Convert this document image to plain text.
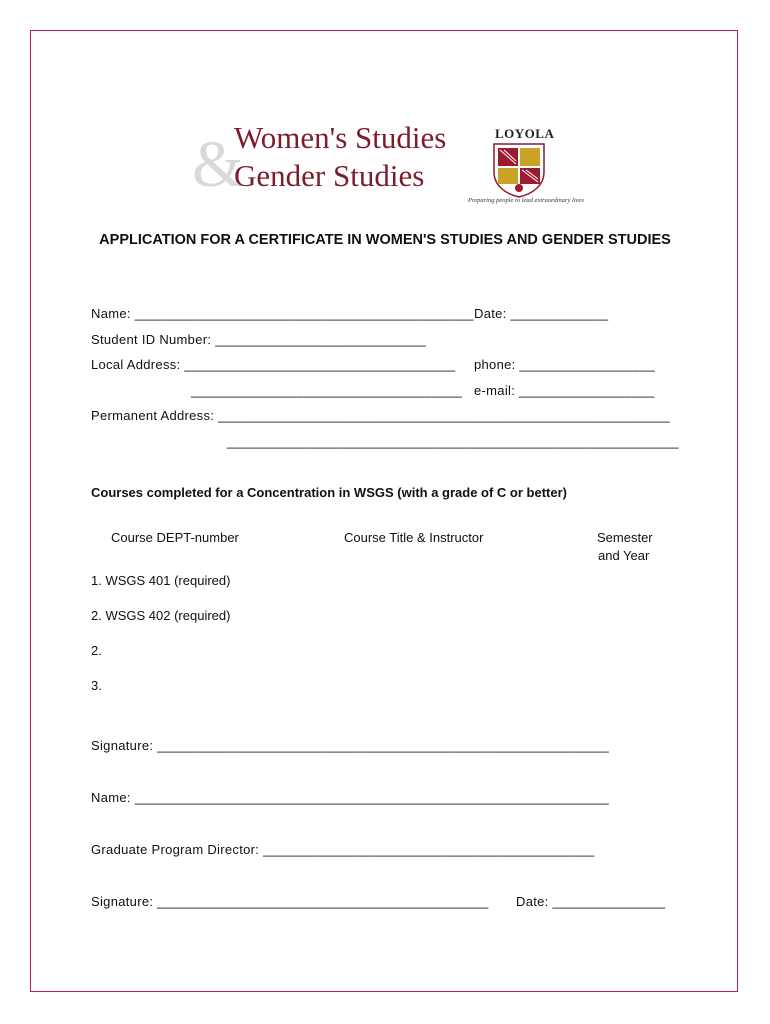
&
Women's Studies
Gender Studies
LOYOLA
Preparing people to lead extraordinary lives
APPLICATION FOR A CERTIFICATE IN WOMEN'S STUDIES AND GENDER STUDIES
Name: _____________________________________________ Date: _____________
Student ID Number: ____________________________
Local Address: ____________________________________ phone: __________________
____________________________________ e-mail: __________________
Permanent Address: ____________________________________________________________
____________________________________________________________
Courses completed for a Concentration in WSGS (with a grade of C or better)
Course DEPT-number	Course Title & Instructor	Semester
and Year
1. WSGS 401 (required)
2. WSGS 402 (required)
2.
3.
Signature: ____________________________________________________________
Name: _______________________________________________________________
Graduate Program Director: ____________________________________________
Signature: ____________________________________________ Date: _______________
